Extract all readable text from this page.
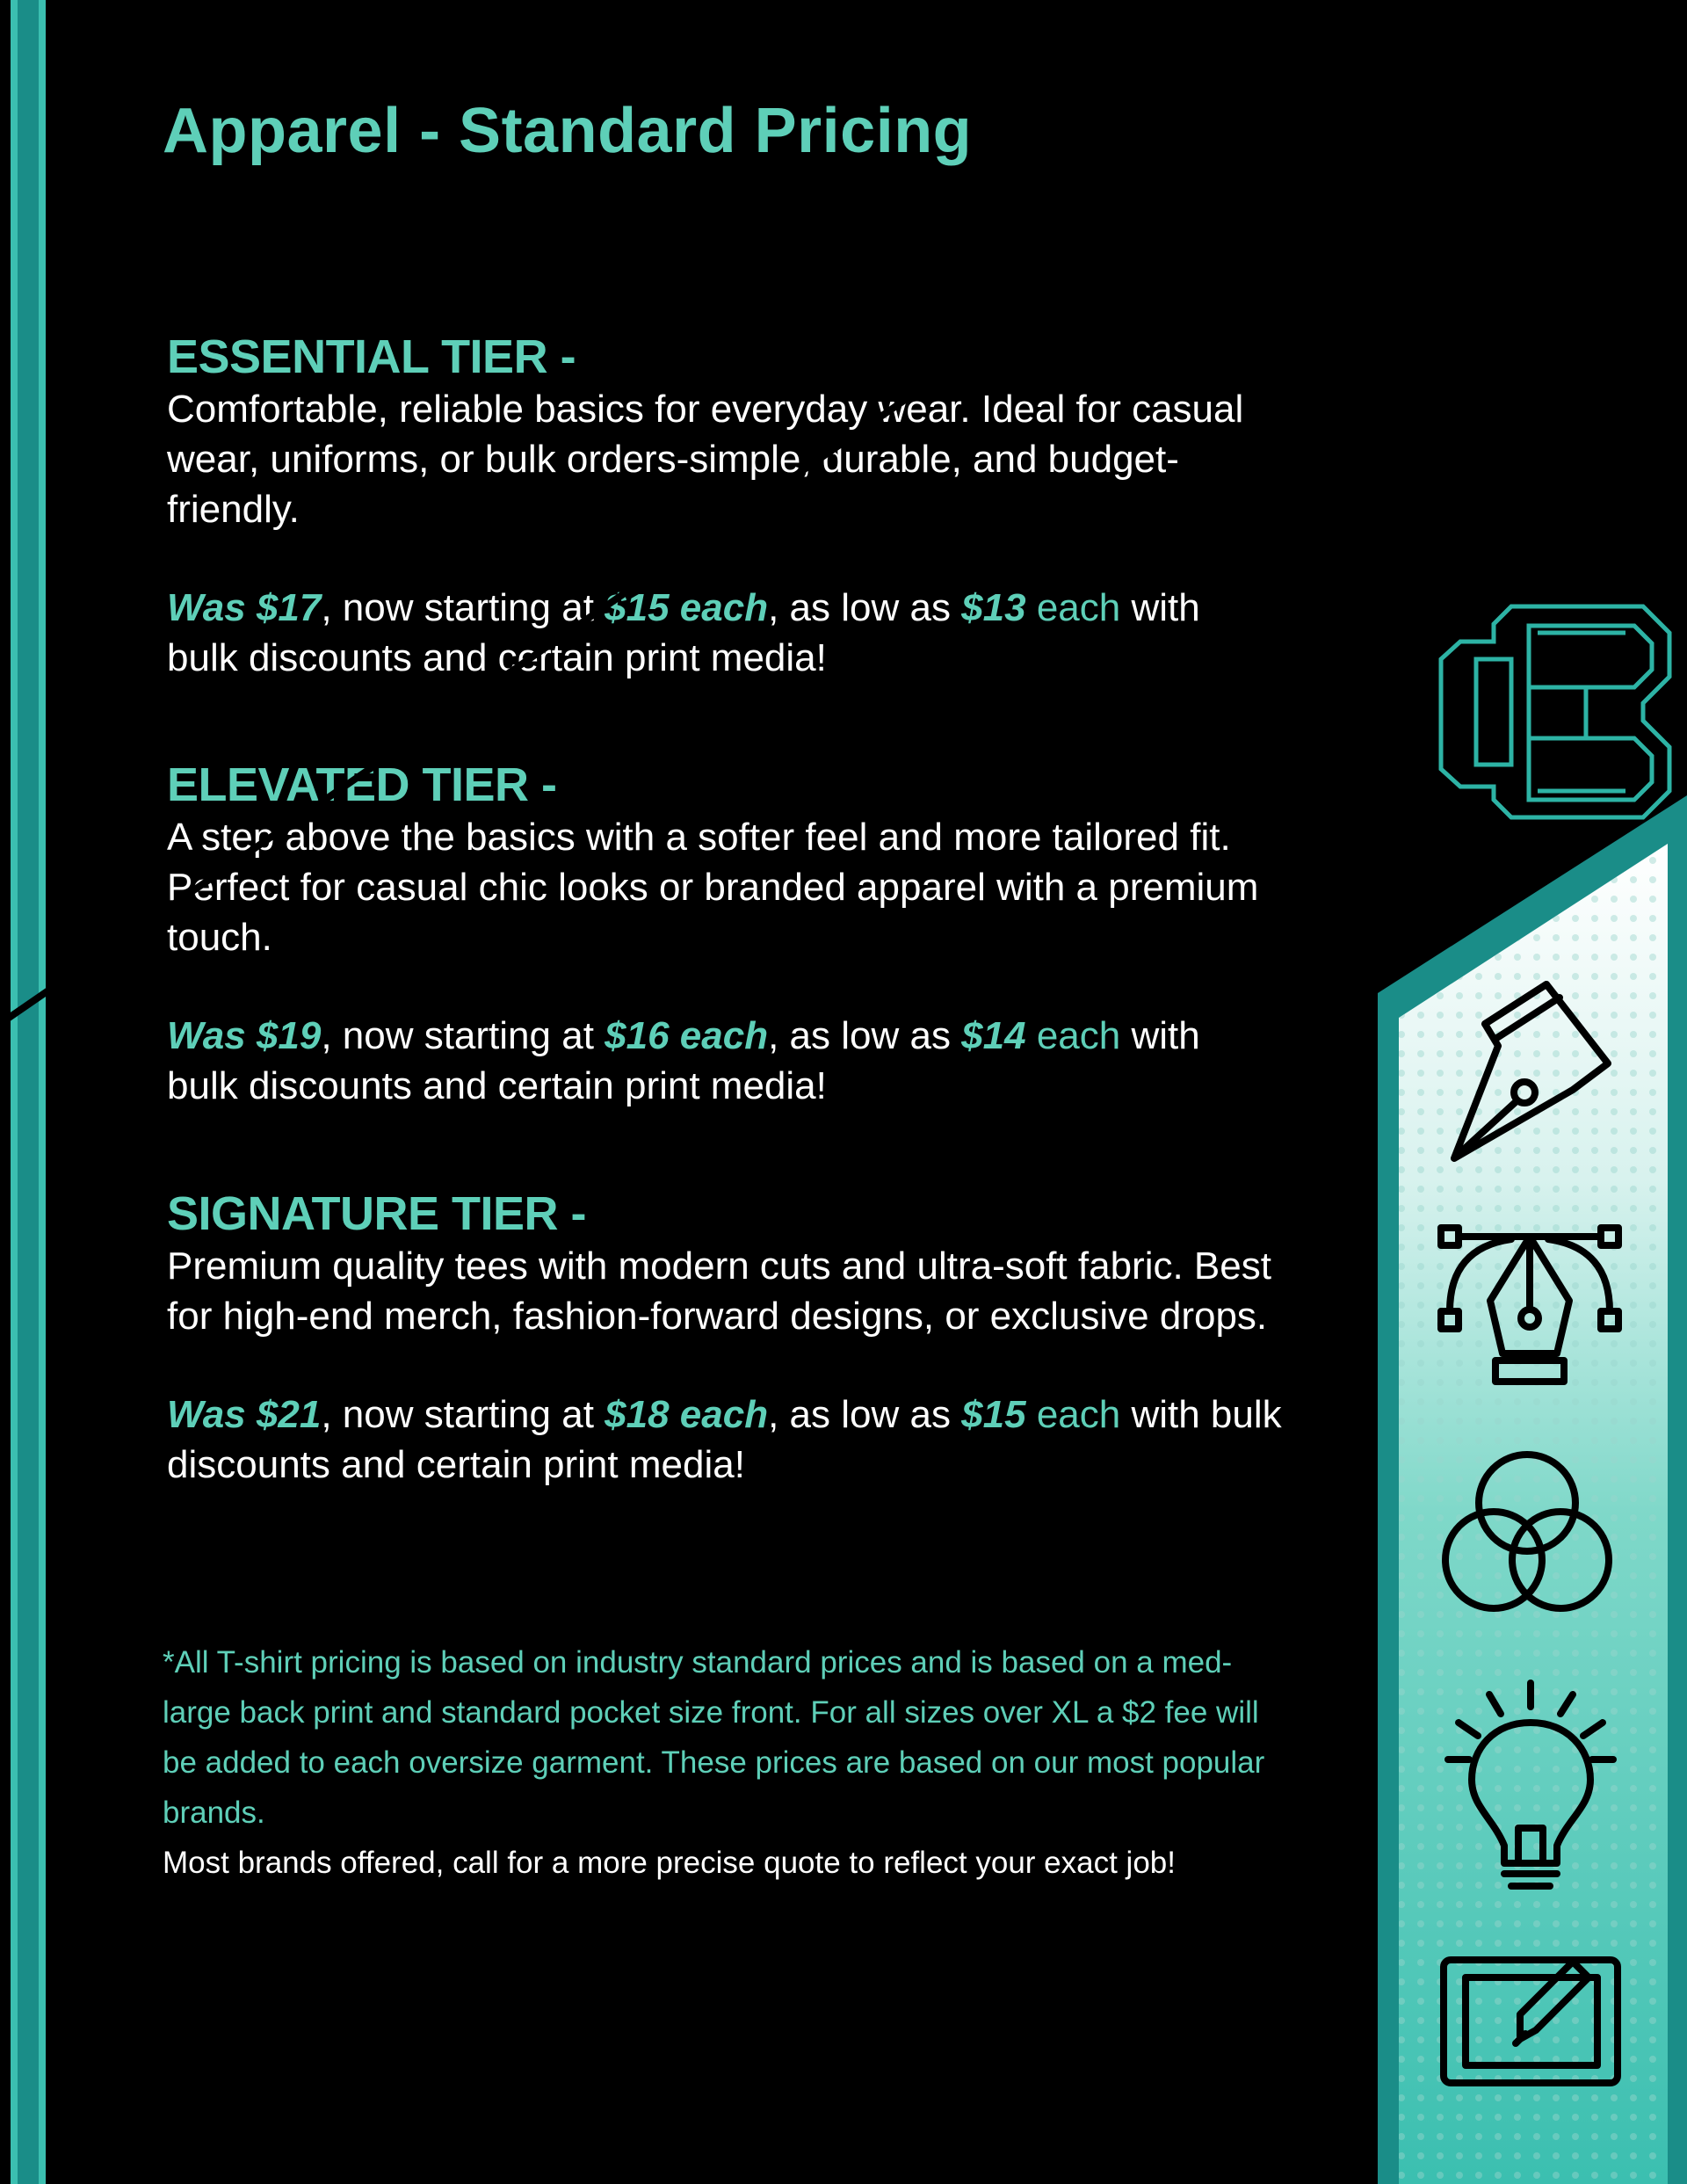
Apparel - Standard Pricing

ESSENTIAL TIER -

Comfortable, reliable basics for everyday wear. Ideal for casual wear, uniforms, or bulk orders-simple, durable, and budget-friendly.

Was $17, now starting at $15 each, as low as $13 each with bulk discounts and certain print media!

ELEVATED TIER -

A step above the basics with a softer feel and more tailored fit. Perfect for casual chic looks or branded apparel with a premium touch.

Was $19, now starting at $16 each, as low as $14 each with bulk discounts and certain print media!

SIGNATURE TIER -

Premium quality tees with modern cuts and ultra-soft fabric. Best for high-end merch, fashion-forward designs, or exclusive drops.

Was $21, now starting at $18 each, as low as $15 each with bulk discounts and certain print media!

*All T-shirt pricing is based on industry standard prices and is based on a med-large back print and standard pocket size front. For all sizes over XL a $2 fee will be added to each oversize garment. These prices are based on our most popular brands.
Most brands offered, call for a more precise quote to reflect your exact job!
